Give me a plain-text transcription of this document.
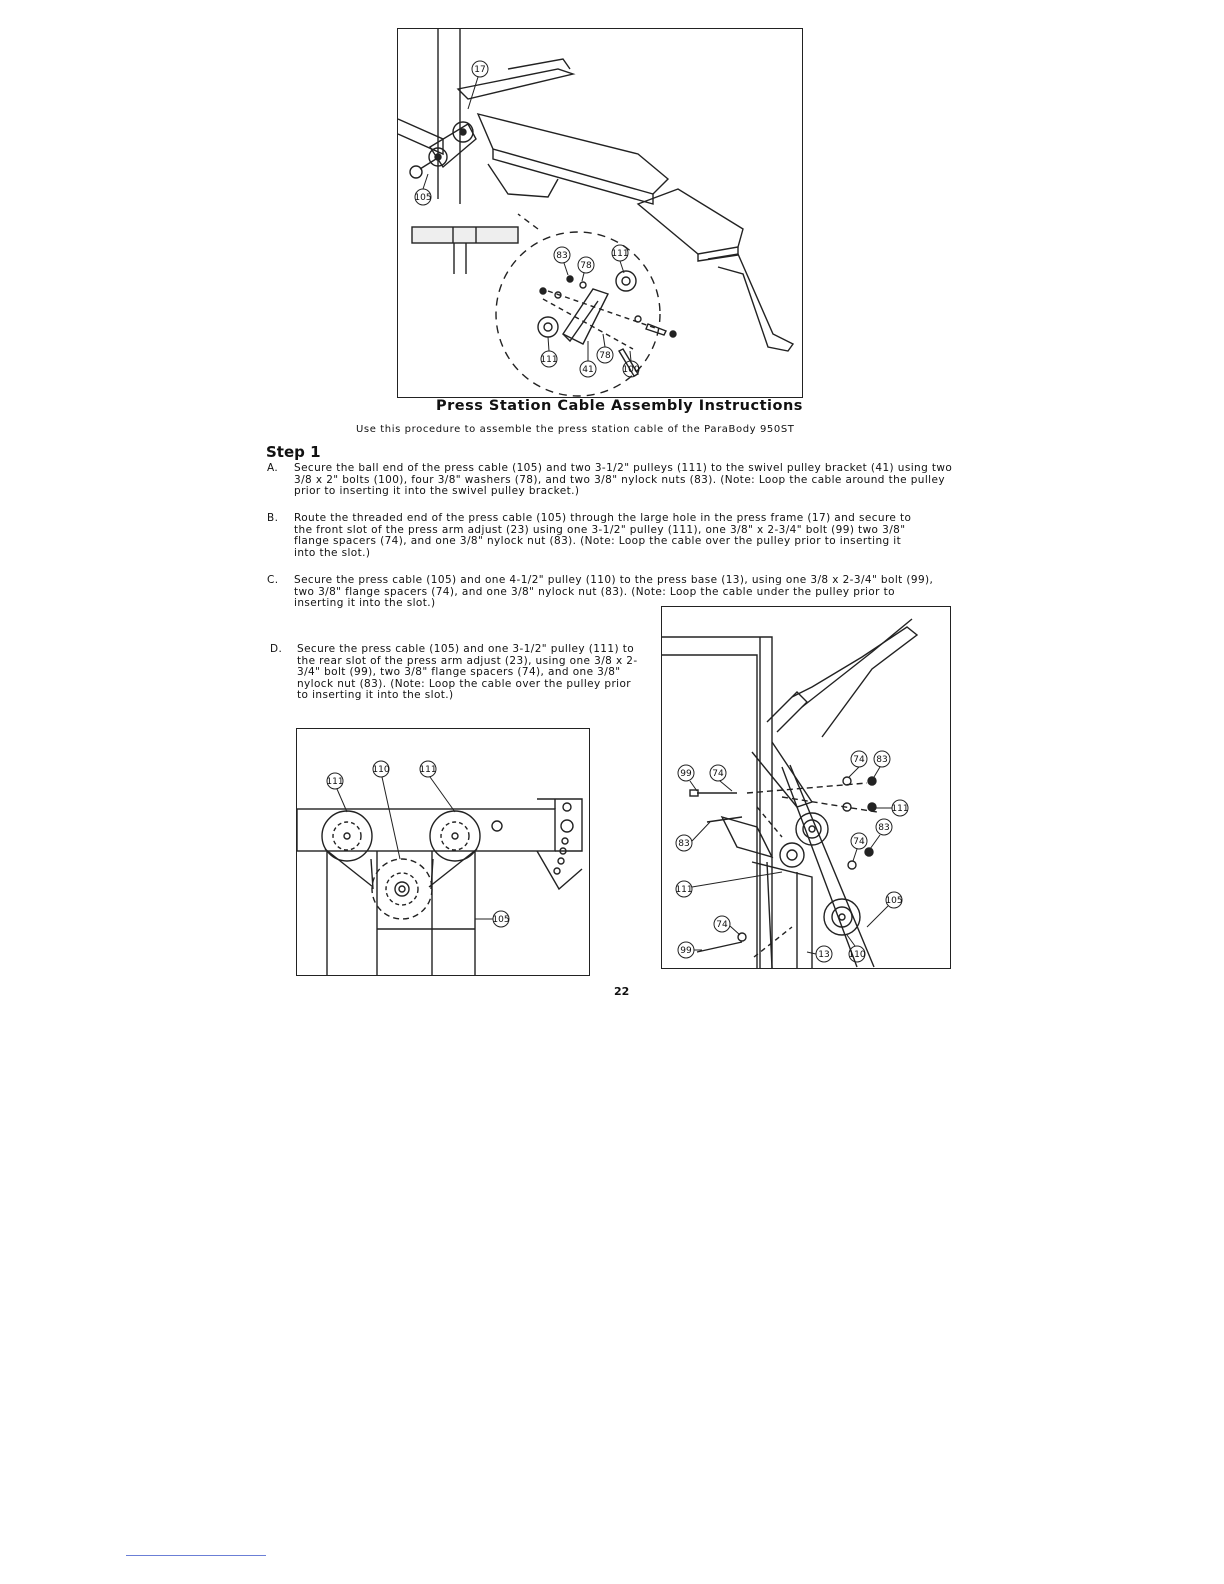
17
105
83
78
111
111
41
78
100
Press Station Cable Assembly Instructions
Use this procedure to assemble the press station cable of the ParaBody 950ST
Step 1
A. Secure the ball end of the press cable (105) and two 3-1/2" pulleys (111) to the swivel pulley bracket (41) using two 3/8 x 2" bolts (100), four 3/8" washers (78), and two 3/8" nylock nuts (83). (Note: Loop the cable around the pulley prior to inserting it into the swivel pulley bracket.)
B. Route the threaded end of the press cable (105) through the large hole in the press frame (17) and secure to the front slot of the press arm adjust (23) using one 3-1/2" pulley (111), one 3/8" x 2-3/4" bolt (99) two 3/8" flange spacers (74), and one 3/8" nylock nut (83). (Note: Loop the cable over the pulley prior to inserting it into the slot.)
C. Secure the press cable (105) and one 4-1/2" pulley (110) to the press base (13), using one 3/8 x 2-3/4" bolt (99), two 3/8" flange spacers (74), and one 3/8" nylock nut (83). (Note: Loop the cable under the pulley prior to inserting it into the slot.)
D. Secure the press cable (105) and one 3-1/2" pulley (111) to the rear slot of the press arm adjust (23), using one 3/8 x 2-3/4" bolt (99), two 3/8" flange spacers (74), and one 3/8" nylock nut (83). (Note: Loop the cable over the pulley prior to inserting it into the slot.)
111
110	111
105
99 74
74 83
111
83
83
74
111
105
74
99	13 110
22
